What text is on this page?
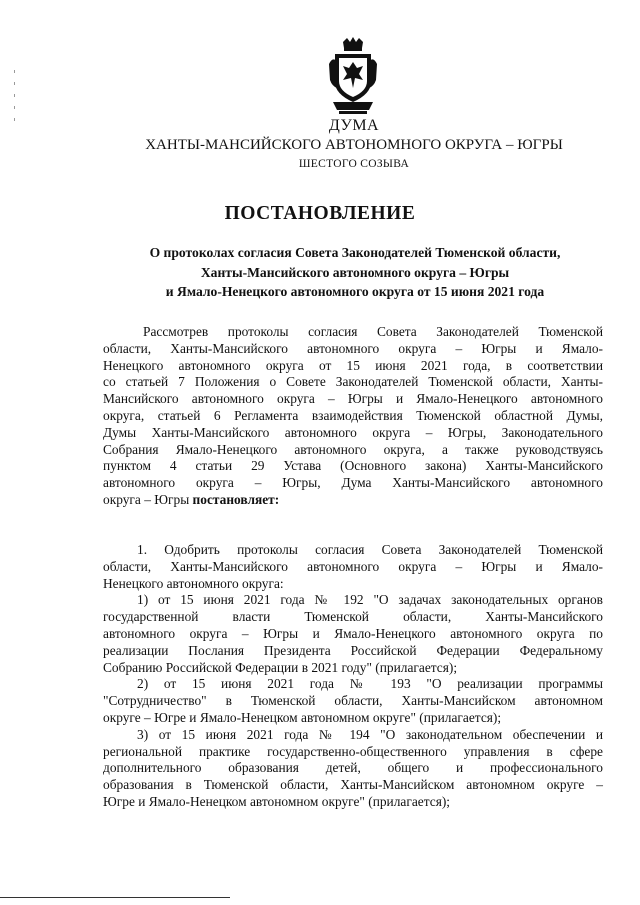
ДУМА
ХАНТЫ-МАНСИЙСКОГО АВТОНОМНОГО ОКРУГА – ЮГРЫ
ШЕСТОГО СОЗЫВА
ПОСТАНОВЛЕНИЕ
О протоколах согласия Совета Законодателей Тюменской области,
Ханты-Мансийского автономного округа – Югры
и Ямало-Ненецкого автономного округа от 15 июня 2021 года
Рассмотрев протоколы согласия Совета Законодателей Тюменской
области, Ханты-Мансийского автономного округа – Югры и Ямало-
Ненецкого автономного округа от 15 июня 2021 года, в соответствии
со статьей 7 Положения о Совете Законодателей Тюменской области, Ханты-
Мансийского автономного округа – Югры и Ямало-Ненецкого автономного
округа, статьей 6 Регламента взаимодействия Тюменской областной Думы,
Думы Ханты-Мансийского автономного округа – Югры, Законодательного
Собрания Ямало-Ненецкого автономного округа, а также руководствуясь
пунктом 4 статьи 29 Устава (Основного закона) Ханты-Мансийского
автономного округа – Югры, Дума Ханты-Мансийского автономного
округа – Югры постановляет:
1. Одобрить протоколы согласия Совета Законодателей Тюменской
области, Ханты-Мансийского автономного округа – Югры и Ямало-
Ненецкого автономного округа:
1) от 15 июня 2021 года № 192 "О задачах законодательных органов
государственной власти Тюменской области, Ханты-Мансийского
автономного округа – Югры и Ямало-Ненецкого автономного округа по
реализации Послания Президента Российской Федерации Федеральному
Собранию Российской Федерации в 2021 году" (прилагается);
2) от 15 июня 2021 года № 193 "О реализации программы
"Сотрудничество" в Тюменской области, Ханты-Мансийском автономном
округе – Югре и Ямало-Ненецком автономном округе" (прилагается);
3) от 15 июня 2021 года № 194 "О законодательном обеспечении и
региональной практике государственно-общественного управления в сфере
дополнительного образования детей, общего и профессионального
образования в Тюменской области, Ханты-Мансийском автономном округе –
Югре и Ямало-Ненецком автономном округе" (прилагается);
